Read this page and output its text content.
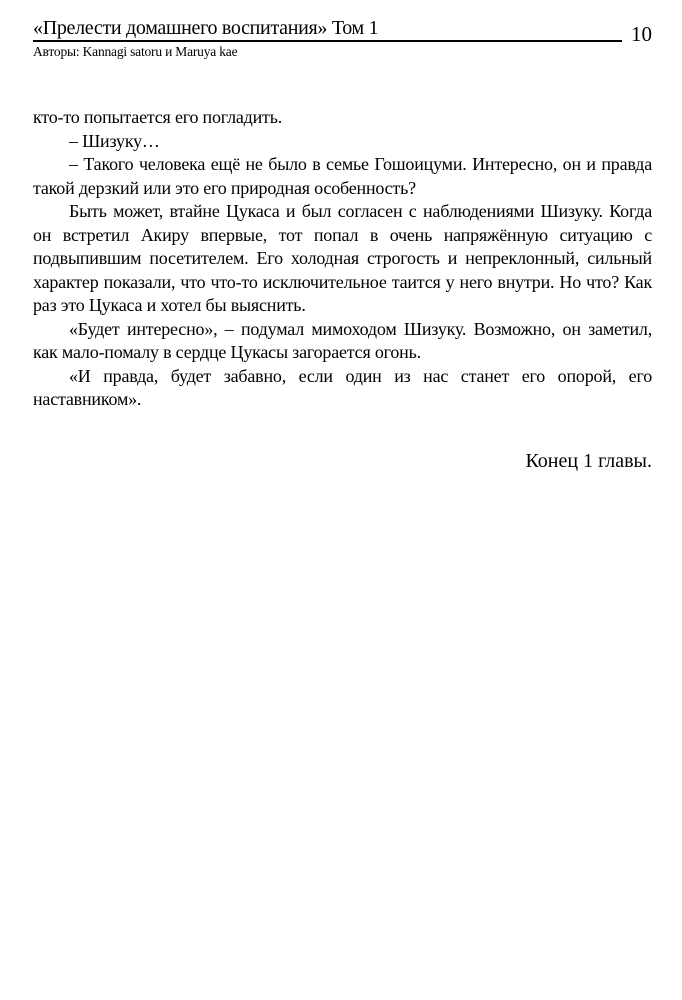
«Прелести домашнего воспитания» Том 1	10
Авторы: Kannagi satoru и Maruya kae

кто-то попытается его погладить.

– Шизуку…

– Такого человека ещё не было в семье Гошоицуми. Интересно, он и правда такой дерзкий или это его природная особенность?

Быть может, втайне Цукаса и был согласен с наблюдениями Шизуку. Когда он встретил Акиру впервые, тот попал в очень напряжённую ситуацию с подвыпившим посетителем. Его холодная строгость и непреклонный, сильный характер показали, что что-то исключительное таится у него внутри. Но что? Как раз это Цукаса и хотел бы выяснить.

«Будет интересно», – подумал мимоходом Шизуку. Возможно, он заметил, как мало-помалу в сердце Цукасы загорается огонь.

«И правда, будет забавно, если один из нас станет его опорой, его наставником».

Конец 1 главы.
